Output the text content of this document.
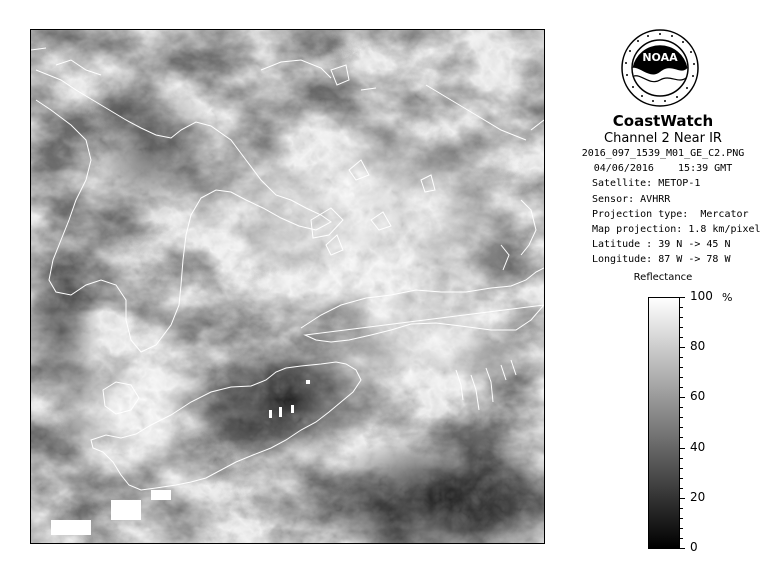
NOAA
CoastWatch
Channel 2 Near IR
2016_097_1539_M01_GE_C2.PNG
04/06/2016    15:39 GMT
Satellite: METOP-1
Sensor: AVHRR
Projection type:  Mercator
Map projection: 1.8 km/pixel
Latitude : 39 N -> 45 N
Longitude: 87 W -> 78 W
Reflectance
%
100
80
60
40
20
0
